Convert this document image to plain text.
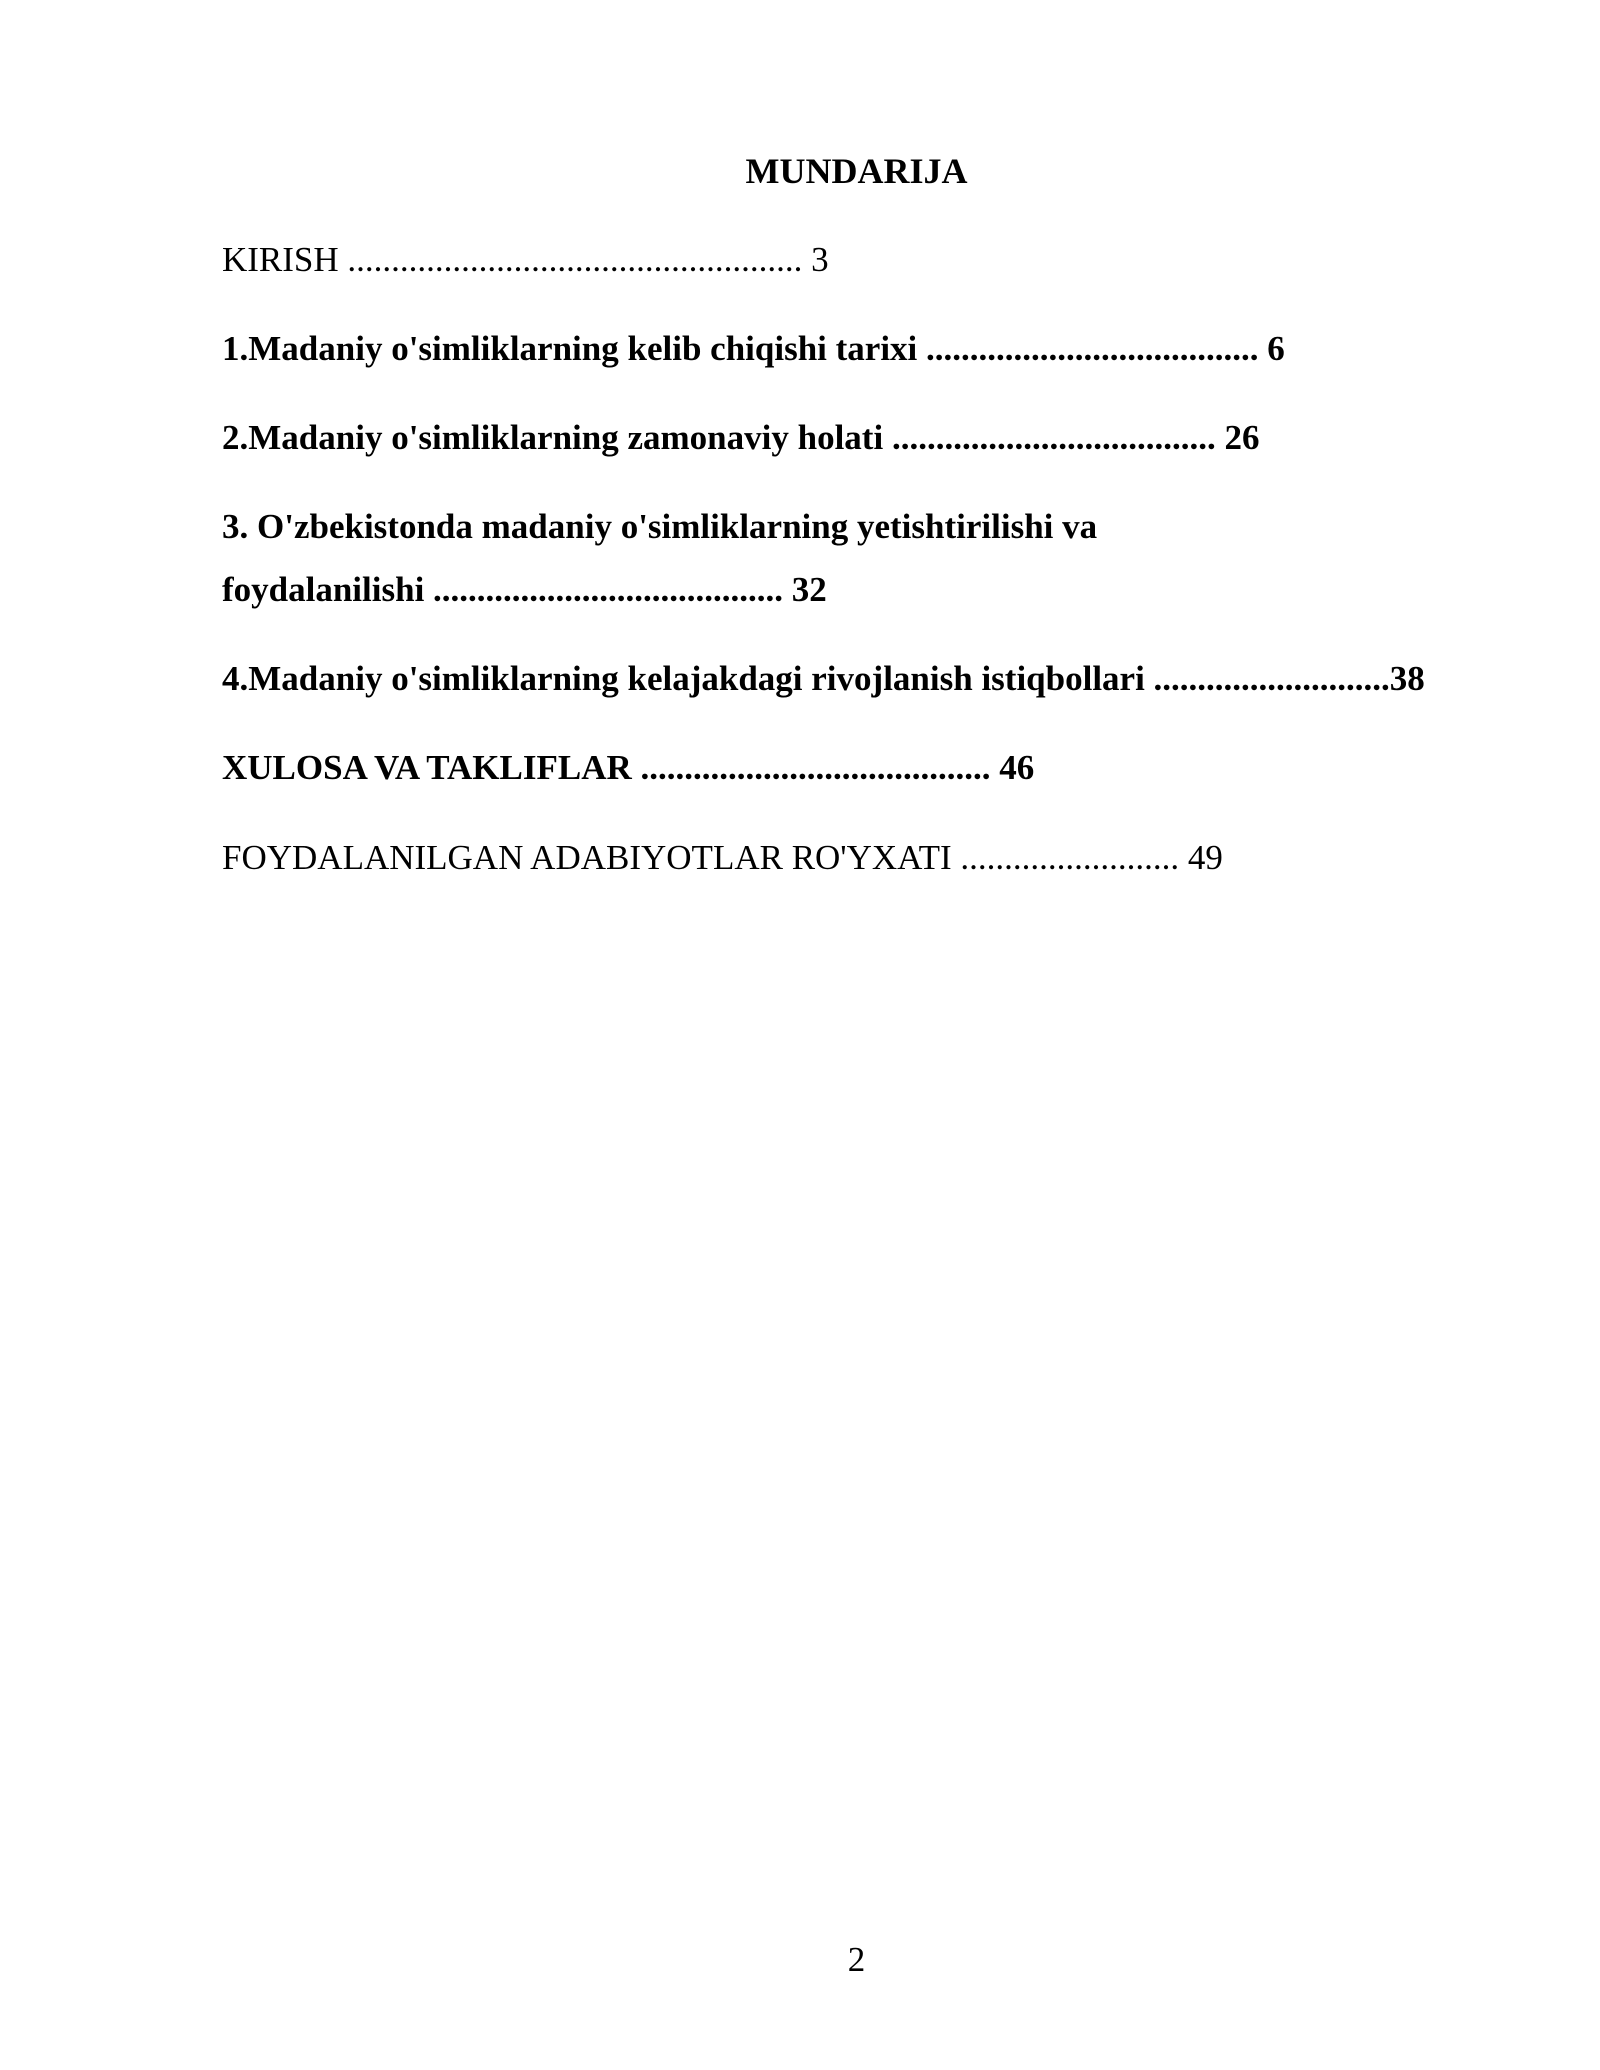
MUNDARIJA
KIRISH .................................................... 3
1.Madaniy o'simliklarning kelib chiqishi tarixi ...................................... 6
2.Madaniy o'simliklarning zamonaviy holati ..................................... 26
3. O'zbekistonda madaniy o'simliklarning yetishtirilishi va
foydalanilishi ........................................ 32
4.Madaniy o'simliklarning kelajakdagi rivojlanish istiqbollari ...........................38
XULOSA VA TAKLIFLAR ........................................ 46
FOYDALANILGAN ADABIYOTLAR RO'YXATI ......................... 49
2
